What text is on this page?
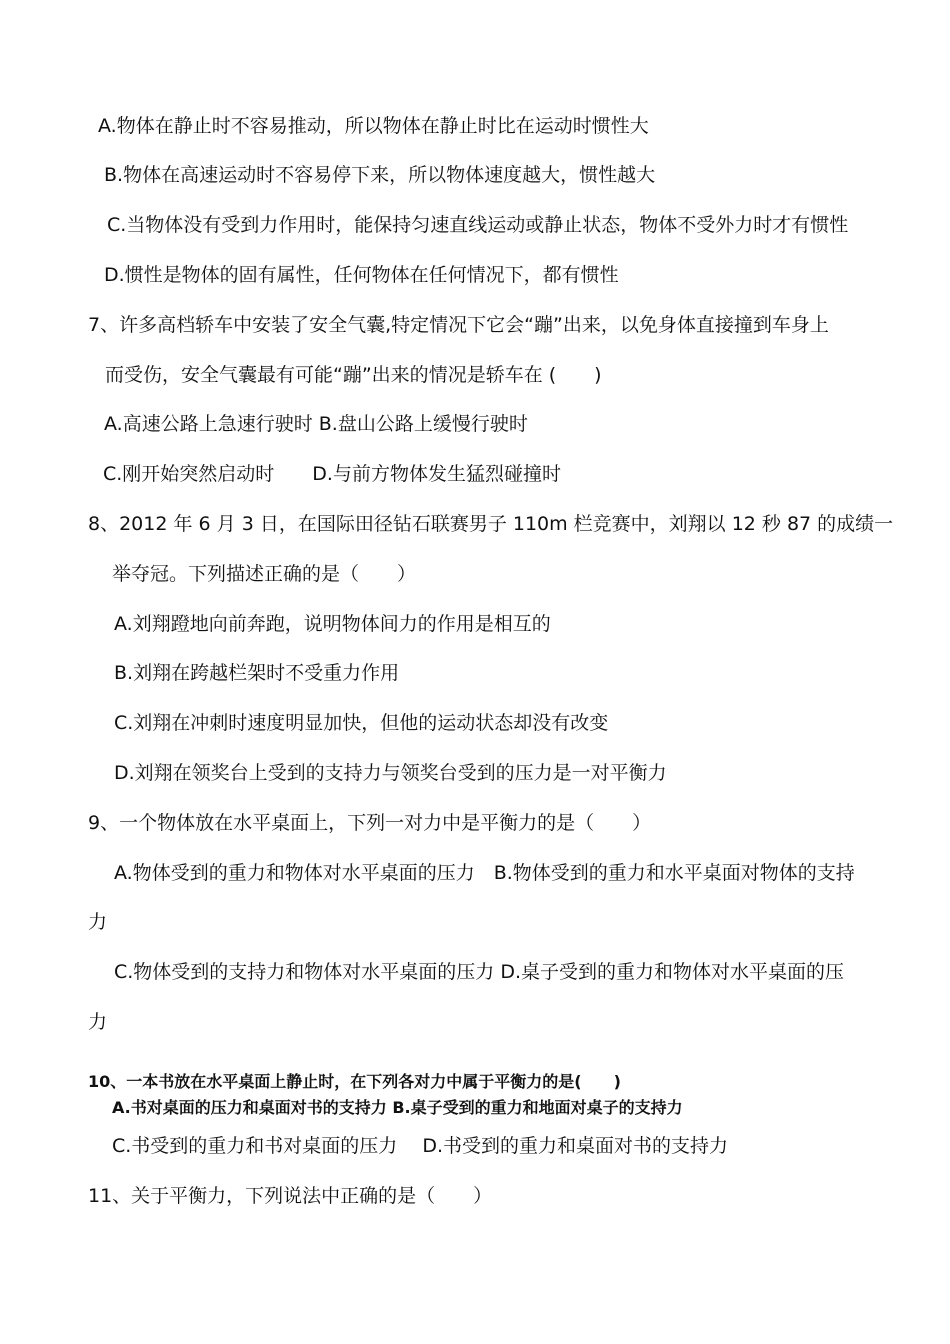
A.物体在静止时不容易推动，所以物体在静止时比在运动时惯性大
B.物体在高速运动时不容易停下来，所以物体速度越大，惯性越大
C.当物体没有受到力作用时，能保持匀速直线运动或静止状态，物体不受外力时才有惯性
D.惯性是物体的固有属性，任何物体在任何情况下，都有惯性
7、许多高档轿车中安装了安全气囊,特定情况下它会“蹦”出来，以免身体直接撞到车身上
而受伤，安全气囊最有可能“蹦”出来的情况是轿车在 (　　)
A.高速公路上急速行驶时 B.盘山公路上缓慢行驶时
C.刚开始突然启动时　　D.与前方物体发生猛烈碰撞时
8、2012 年 6 月 3 日，在国际田径钻石联赛男子 110m 栏竞赛中，刘翔以 12 秒 87 的成绩一
举夺冠。下列描述正确的是（　　）
A.刘翔蹬地向前奔跑，说明物体间力的作用是相互的
B.刘翔在跨越栏架时不受重力作用
C.刘翔在冲刺时速度明显加快，但他的运动状态却没有改变
D.刘翔在领奖台上受到的支持力与领奖台受到的压力是一对平衡力
9、一个物体放在水平桌面上，下列一对力中是平衡力的是（　　）
A.物体受到的重力和物体对水平桌面的压力　B.物体受到的重力和水平桌面对物体的支持
力
C.物体受到的支持力和物体对水平桌面的压力 D.桌子受到的重力和物体对水平桌面的压
力
10、一本书放在水平桌面上静止时，在下列各对力中属于平衡力的是(　　)
A.书对桌面的压力和桌面对书的支持力 B.桌子受到的重力和地面对桌子的支持力
C.书受到的重力和书对桌面的压力　 D.书受到的重力和桌面对书的支持力
11、关于平衡力，下列说法中正确的是（　　）
